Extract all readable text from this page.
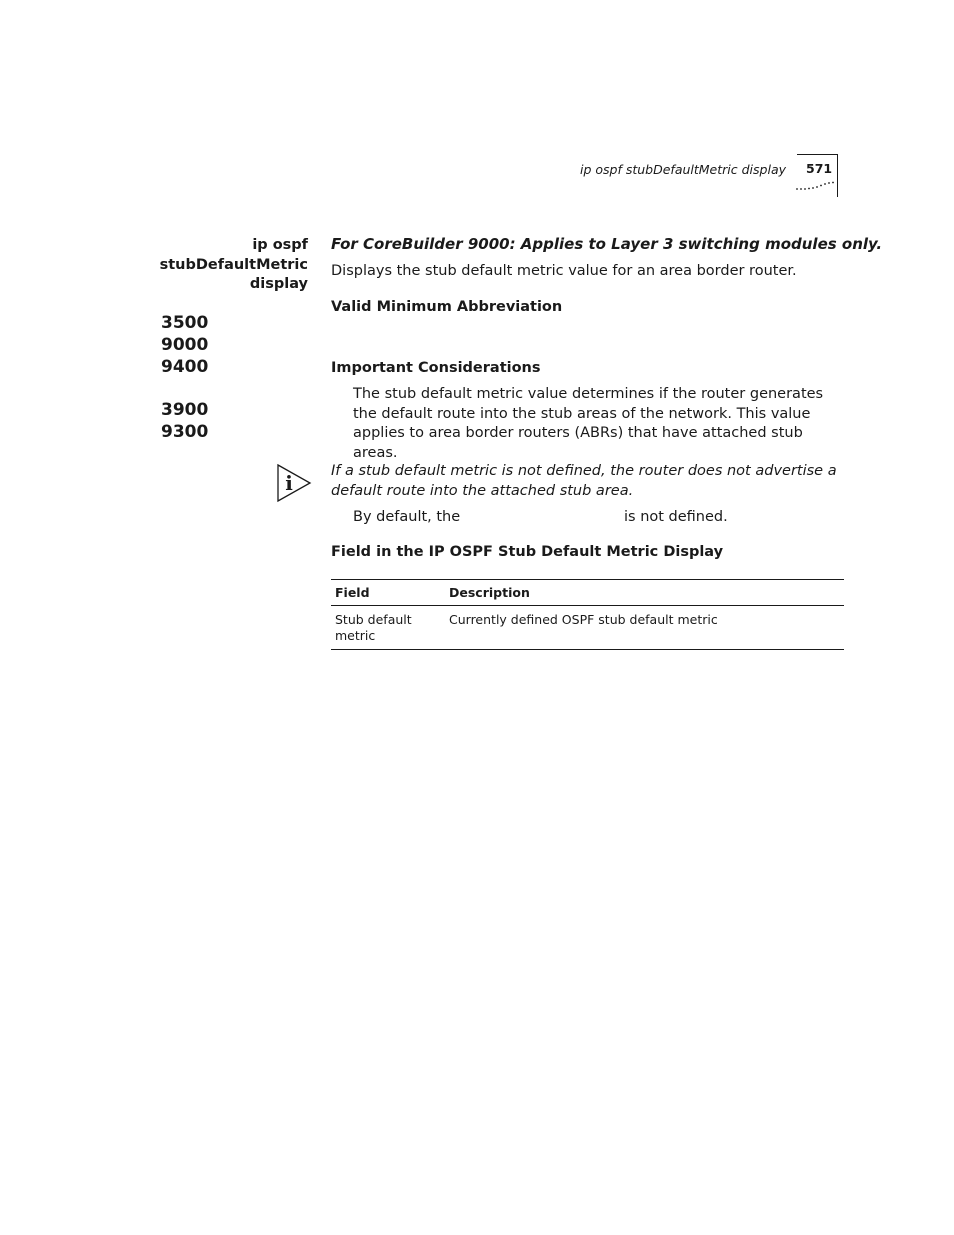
ip ospf stubDefaultMetric display 571
ip ospf
stubDefaultMetric
display
3500
9000
9400
3900
9300
For CoreBuilder 9000: Applies to Layer 3 switching modules only.
Displays the stub default metric value for an area border router.
Valid Minimum Abbreviation
Important Considerations
The stub default metric value determines if the router generates the default route into the stub areas of the network. This value applies to area border routers (ABRs) that have attached stub areas.
i	If a stub default metric is not defined, the router does not advertise a default route into the attached stub area.
By default, the	is not defined.
Field in the IP OSPF Stub Default Metric Display
Field	Description
Stub default metric	Currently defined OSPF stub default metric
